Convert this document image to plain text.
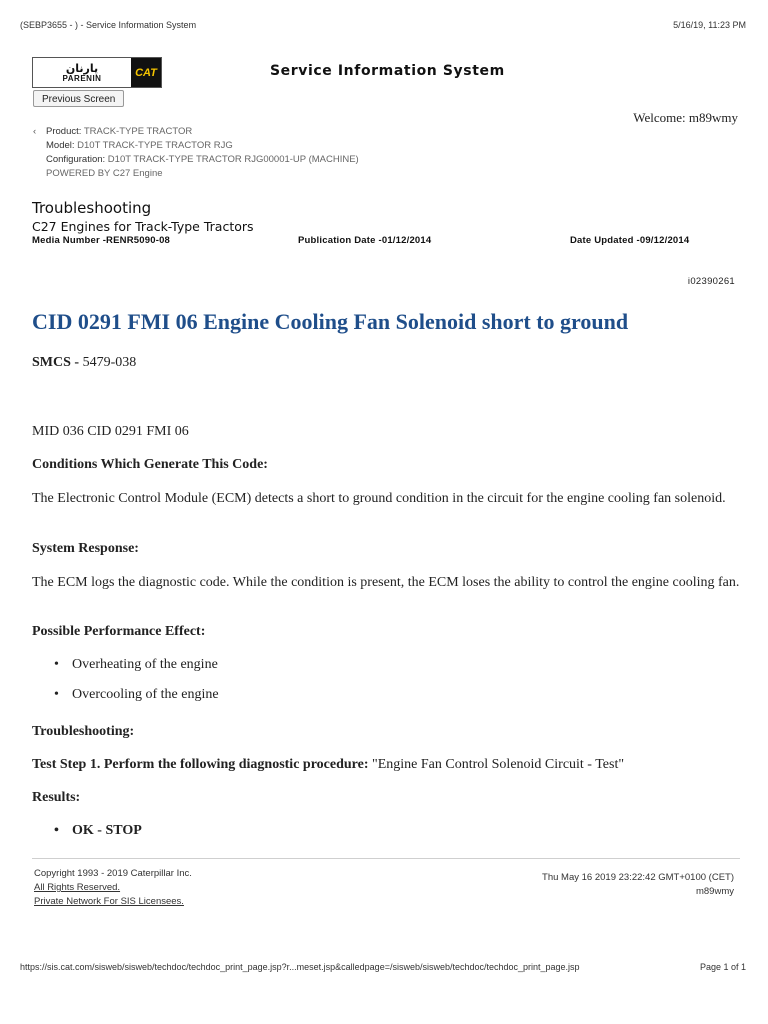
(SEBP3655 - ) - Service Information System	5/16/19, 11:23 PM
پارنان
PARENIN	CAT	Service Information System
Previous Screen
Welcome: m89wmy
‹	Product: TRACK-TYPE TRACTOR
Model: D10T TRACK-TYPE TRACTOR RJG
Configuration: D10T TRACK-TYPE TRACTOR RJG00001-UP (MACHINE)
POWERED BY C27 Engine
Troubleshooting
C27 Engines for Track-Type Tractors
Media Number -RENR5090-08	Publication Date -01/12/2014	Date Updated -09/12/2014
i02390261
CID 0291 FMI 06 Engine Cooling Fan Solenoid short to ground
SMCS - 5479-038
MID 036 CID 0291 FMI 06
Conditions Which Generate This Code:
The Electronic Control Module (ECM) detects a short to ground condition in the circuit for the engine cooling fan solenoid.
System Response:
The ECM logs the diagnostic code. While the condition is present, the ECM loses the ability to control the engine cooling fan.
Possible Performance Effect:
• Overheating of the engine
• Overcooling of the engine
Troubleshooting:
Test Step 1. Perform the following diagnostic procedure: "Engine Fan Control Solenoid Circuit - Test"
Results:
• OK - STOP
Copyright 1993 - 2019 Caterpillar Inc.
All Rights Reserved.
Private Network For SIS Licensees.
Thu May 16 2019 23:22:42 GMT+0100 (CET)
m89wmy
https://sis.cat.com/sisweb/sisweb/techdoc/techdoc_print_page.jsp?r...meset.jsp&calledpage=/sisweb/sisweb/techdoc/techdoc_print_page.jsp	Page 1 of 1
